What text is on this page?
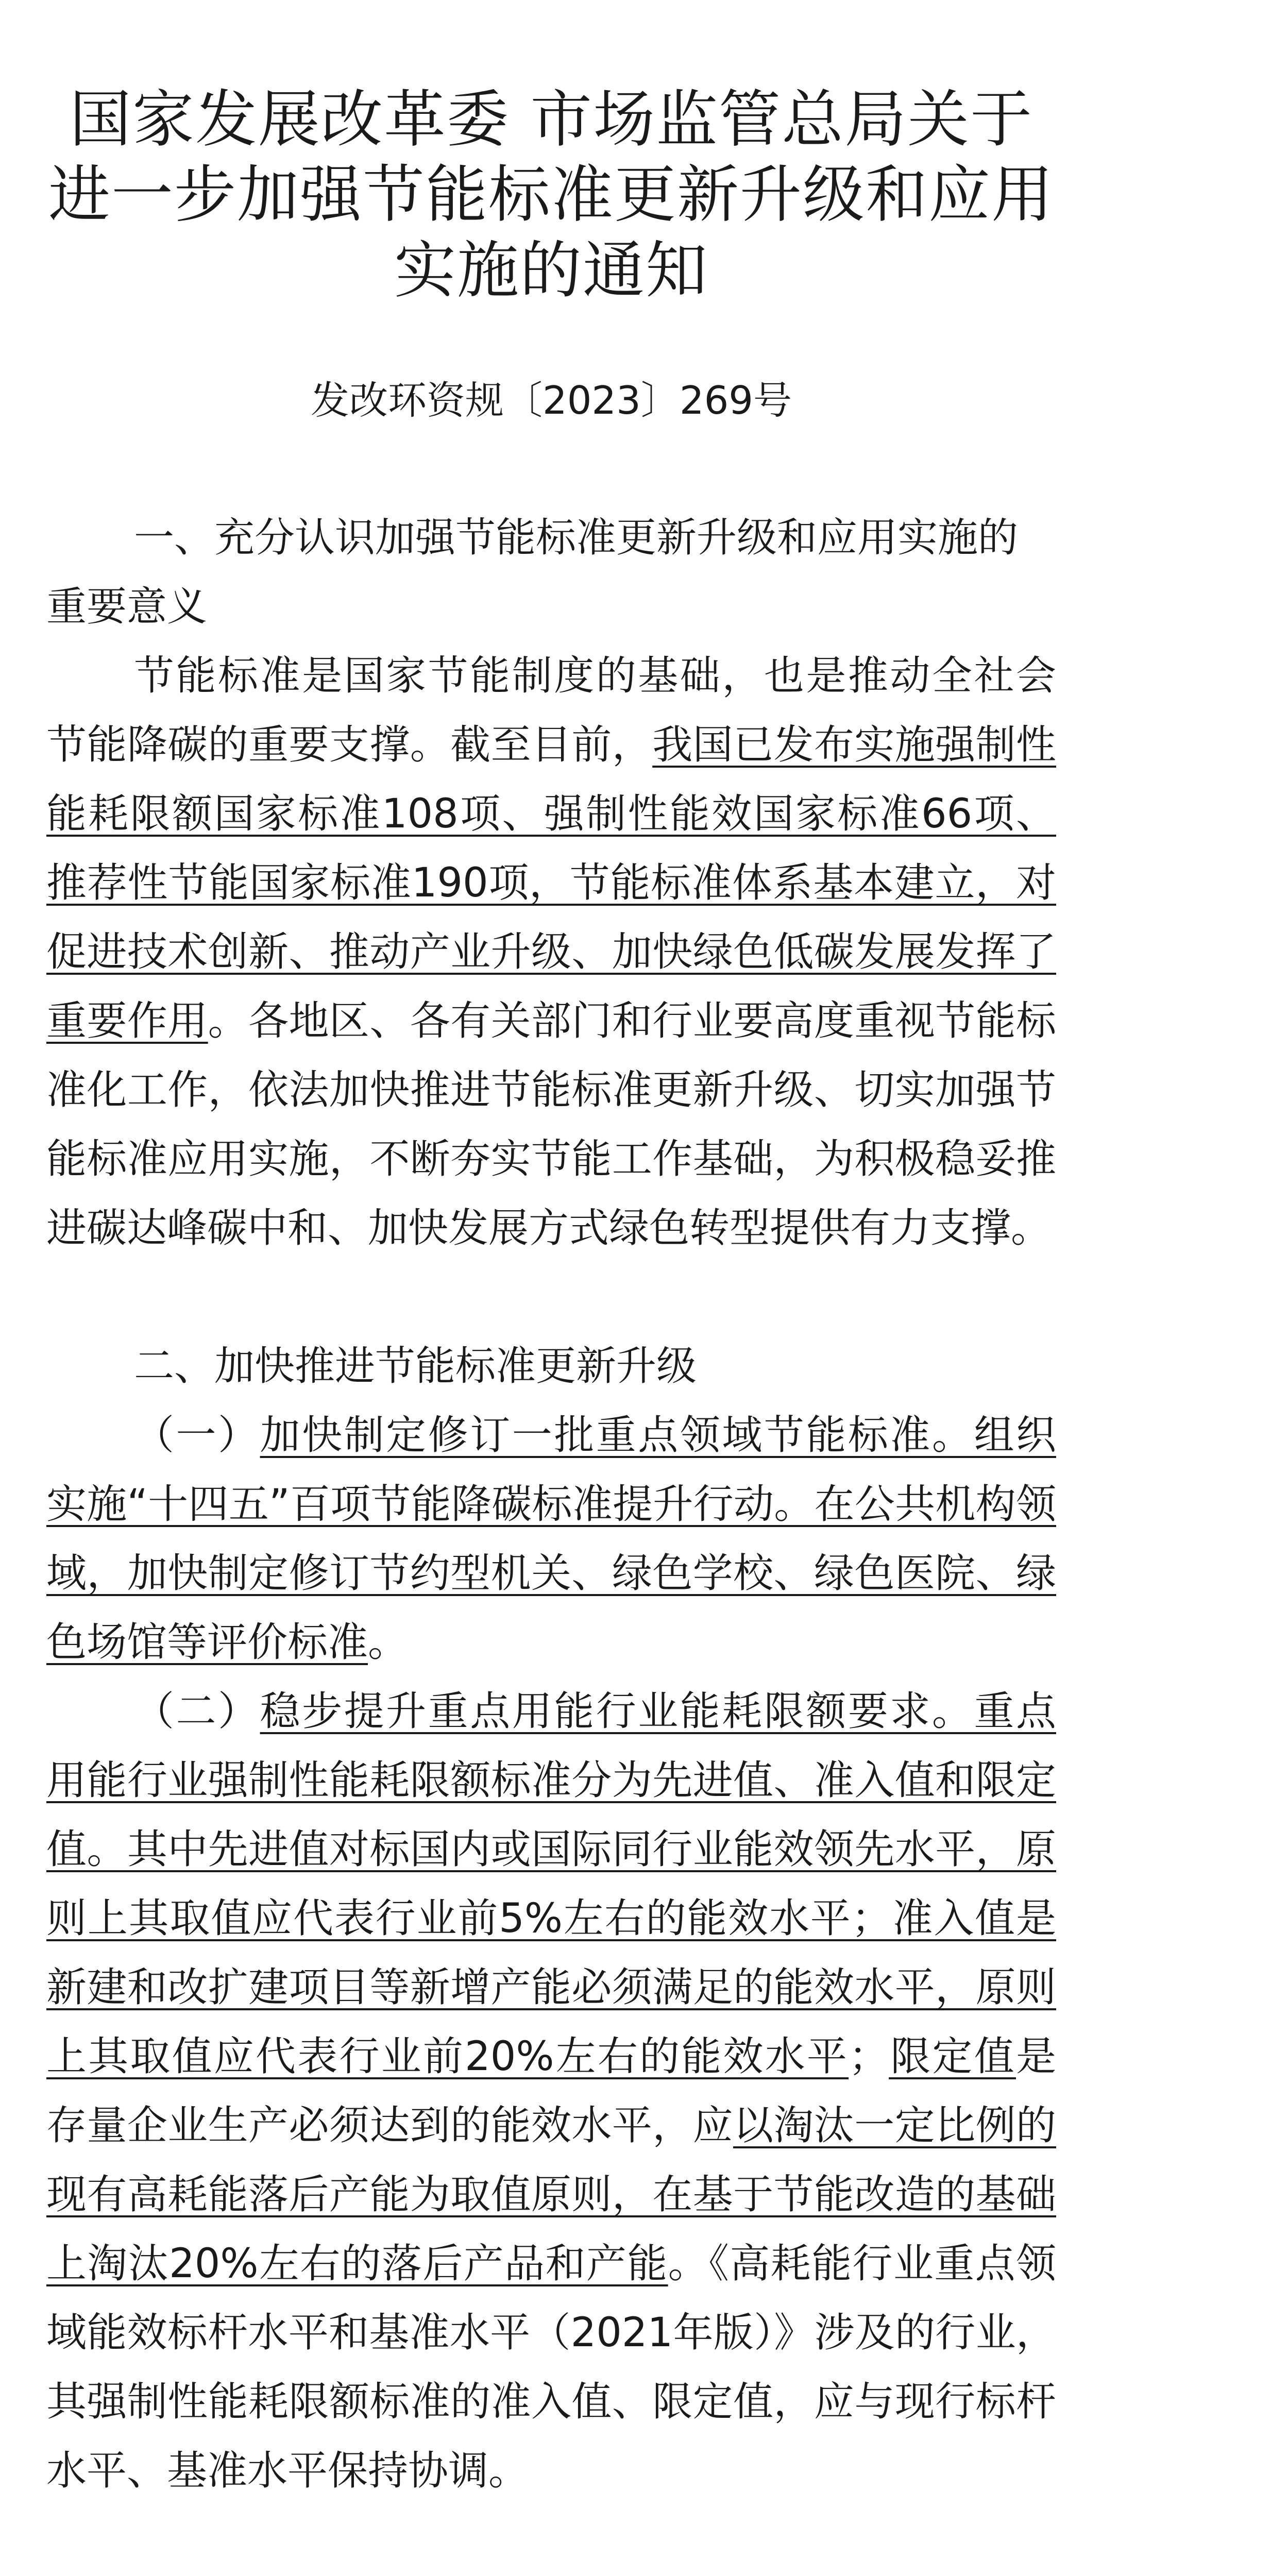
国家发展改革委 市场监管总局关于进一步加强节能标准更新升级和应用实施的通知
发改环资规〔2023〕269号

一、充分认识加强节能标准更新升级和应用实施的重要意义

节能标准是国家节能制度的基础，也是推动全社会节能降碳的重要支撑。截至目前，我国已发布实施强制性能耗限额国家标准108项、强制性能效国家标准66项、推荐性节能国家标准190项，节能标准体系基本建立，对促进技术创新、推动产业升级、加快绿色低碳发展发挥了重要作用。各地区、各有关部门和行业要高度重视节能标准化工作，依法加快推进节能标准更新升级、切实加强节能标准应用实施，不断夯实节能工作基础，为积极稳妥推进碳达峰碳中和、加快发展方式绿色转型提供有力支撑。

二、加快推进节能标准更新升级

（一）加快制定修订一批重点领域节能标准。组织实施“十四五”百项节能降碳标准提升行动。在公共机构领域，加快制定修订节约型机关、绿色学校、绿色医院、绿色场馆等评价标准。

（二）稳步提升重点用能行业能耗限额要求。重点用能行业强制性能耗限额标准分为先进值、准入值和限定值。其中先进值对标国内或国际同行业能效领先水平，原则上其取值应代表行业前5%左右的能效水平；准入值是新建和改扩建项目等新增产能必须满足的能效水平，原则上其取值应代表行业前20%左右的能效水平；限定值是存量企业生产必须达到的能效水平，应以淘汰一定比例的现有高耗能落后产能为取值原则，在基于节能改造的基础上淘汰20%左右的落后产品和产能。《高耗能行业重点领域能效标杆水平和基准水平（2021年版）》涉及的行业，其强制性能耗限额标准的准入值、限定值，应与现行标杆水平、基准水平保持协调。
